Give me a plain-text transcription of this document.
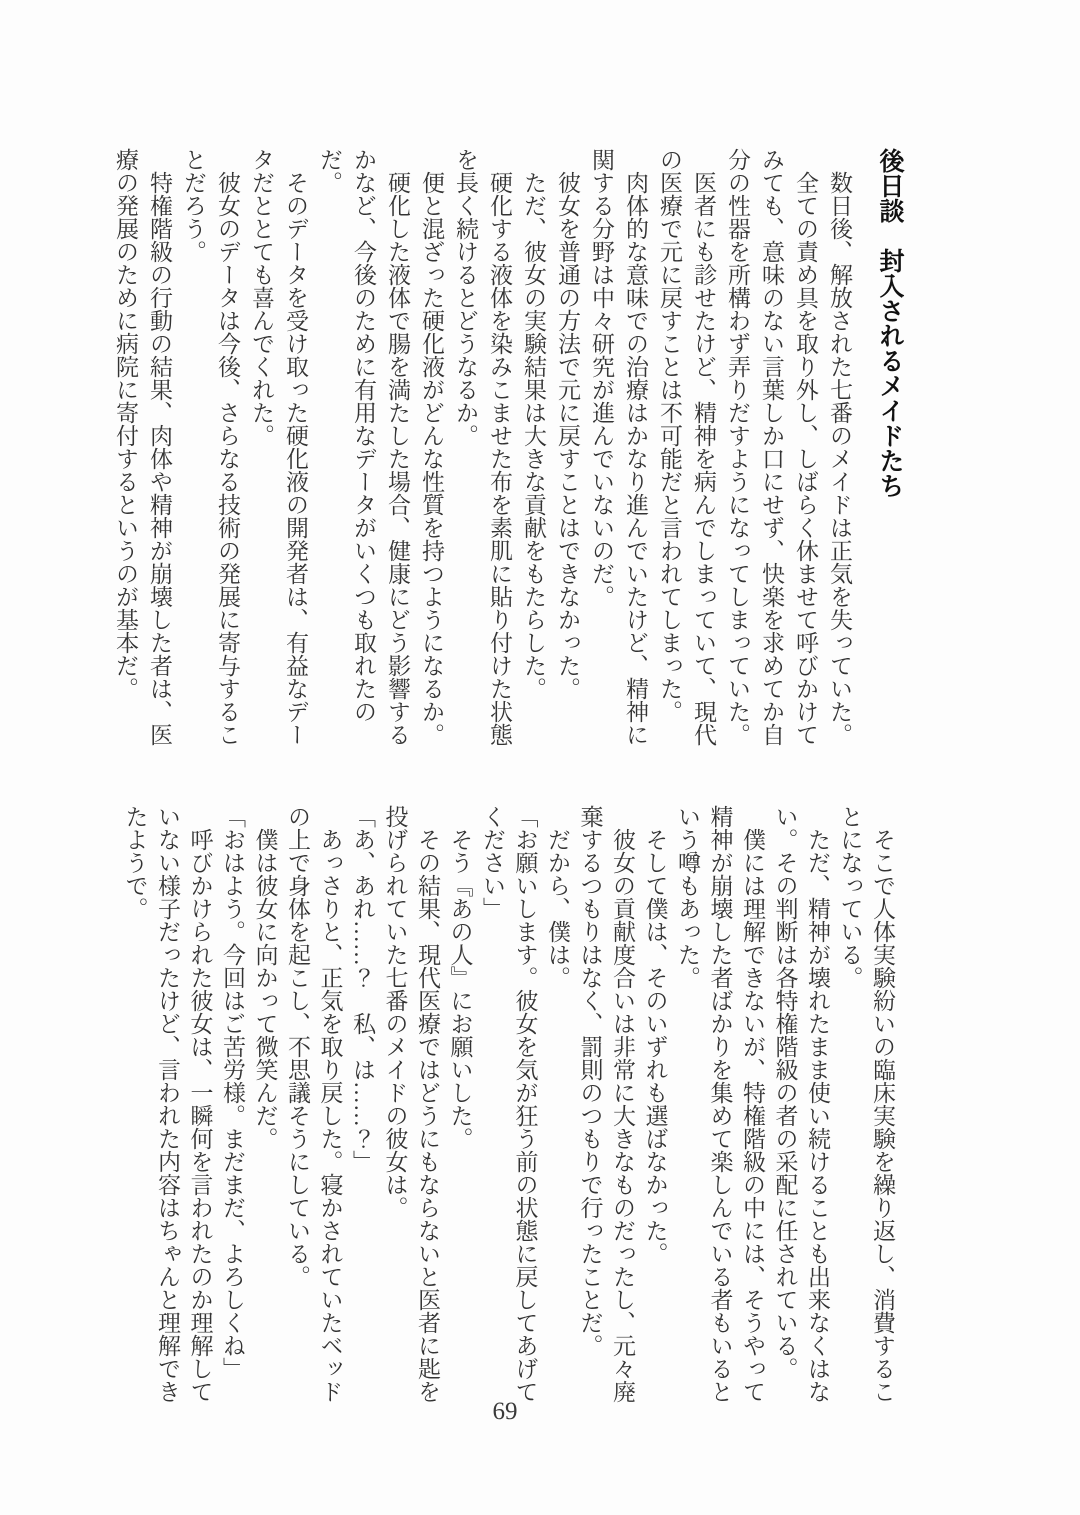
後日談　封入されるメイドたち

数日後、解放された七番のメイドは正気を失っていた。

全ての責め具を取り外し、しばらく休ませて呼びかけてみても、意味のない言葉しか口にせず、快楽を求めてか自分の性器を所構わず弄りだすようになってしまっていた。

医者にも診せたけど、精神を病んでしまっていて、現代の医療で元に戻すことは不可能だと言われてしまった。

肉体的な意味での治療はかなり進んでいたけど、精神に関する分野は中々研究が進んでいないのだ。

彼女を普通の方法で元に戻すことはできなかった。

ただ、彼女の実験結果は大きな貢献をもたらした。

硬化する液体を染みこませた布を素肌に貼り付けた状態を長く続けるとどうなるか。

便と混ざった硬化液がどんな性質を持つようになるか。

硬化した液体で腸を満たした場合、健康にどう影響するかなど、今後のために有用なデータがいくつも取れたのだ。

そのデータを受け取った硬化液の開発者は、有益なデータだととても喜んでくれた。

彼女のデータは今後、さらなる技術の発展に寄与することだろう。

特権階級の行動の結果、肉体や精神が崩壊した者は、医療の発展のために病院に寄付するというのが基本だ。

そこで人体実験紛いの臨床実験を繰り返し、消費することになっている。

ただ、精神が壊れたまま使い続けることも出来なくはない。その判断は各特権階級の者の采配に任されている。

僕には理解できないが、特権階級の中には、そうやって精神が崩壊した者ばかりを集めて楽しんでいる者もいるという噂もあった。

そして僕は、そのいずれも選ばなかった。

彼女の貢献度合いは非常に大きなものだったし、元々廃棄するつもりはなく、罰則のつもりで行ったことだ。

だから、僕は。

「お願いします。彼女を気が狂う前の状態に戻してあげてください」

そう『あの人』にお願いした。

その結果、現代医療ではどうにもならないと医者に匙を投げられていた七番のメイドの彼女は。

「あ、あれ……？　私、は……？」

あっさりと、正気を取り戻した。寝かされていたベッドの上で身体を起こし、不思議そうにしている。

僕は彼女に向かって微笑んだ。

「おはよう。今回はご苦労様。まだまだ、よろしくね」

呼びかけられた彼女は、一瞬何を言われたのか理解していない様子だったけど、言われた内容はちゃんと理解できたようで。

69
